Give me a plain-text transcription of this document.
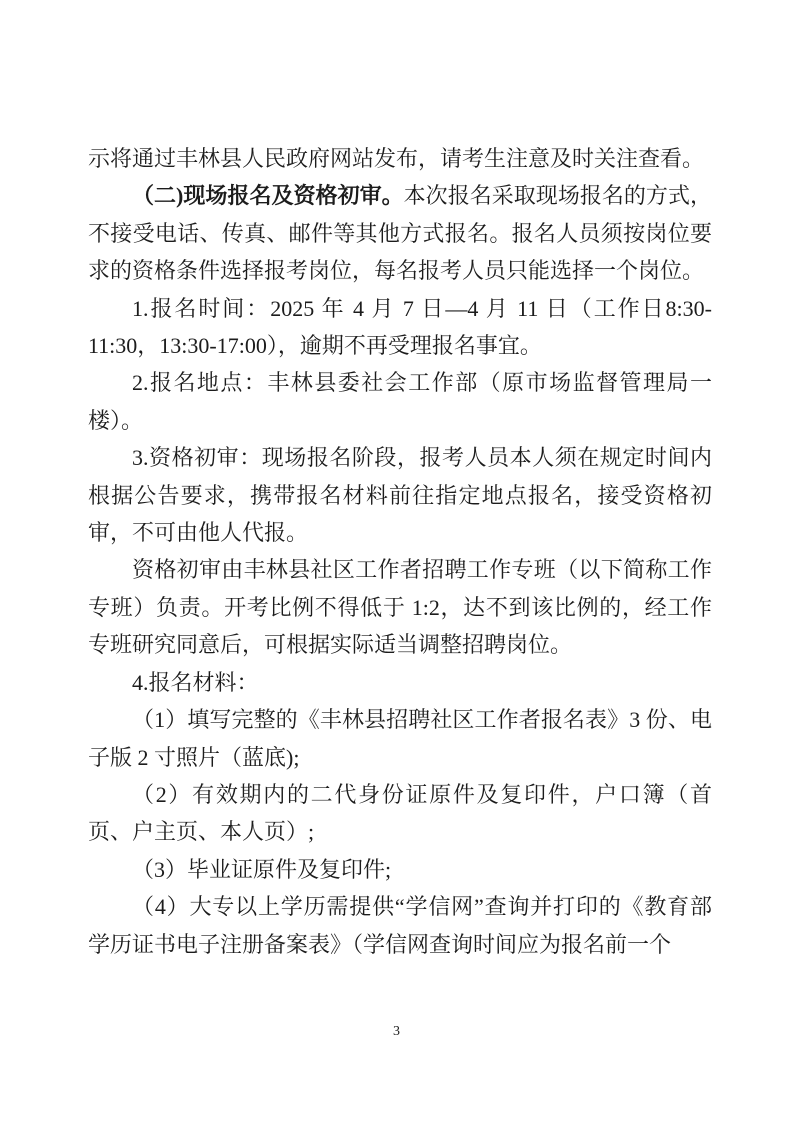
示将通过丰林县人民政府网站发布，请考生注意及时关注查看。

（二)现场报名及资格初审。本次报名采取现场报名的方式，不接受电话、传真、邮件等其他方式报名。报名人员须按岗位要求的资格条件选择报考岗位，每名报考人员只能选择一个岗位。

1.报名时间：2025 年 4 月 7 日—4 月 11 日（工作日8:30-11:30，13:30-17:00），逾期不再受理报名事宜。

2.报名地点：丰林县委社会工作部（原市场监督管理局一楼）。

3.资格初审：现场报名阶段，报考人员本人须在规定时间内根据公告要求，携带报名材料前往指定地点报名，接受资格初审，不可由他人代报。

资格初审由丰林县社区工作者招聘工作专班（以下简称工作专班）负责。开考比例不得低于 1:2，达不到该比例的，经工作专班研究同意后，可根据实际适当调整招聘岗位。

4.报名材料：

（1）填写完整的《丰林县招聘社区工作者报名表》3 份、电子版 2 寸照片（蓝底);

（2）有效期内的二代身份证原件及复印件，户口簿（首页、户主页、本人页）;

（3）毕业证原件及复印件;

（4）大专以上学历需提供“学信网”查询并打印的《教育部学历证书电子注册备案表》（学信网查询时间应为报名前一个

3
